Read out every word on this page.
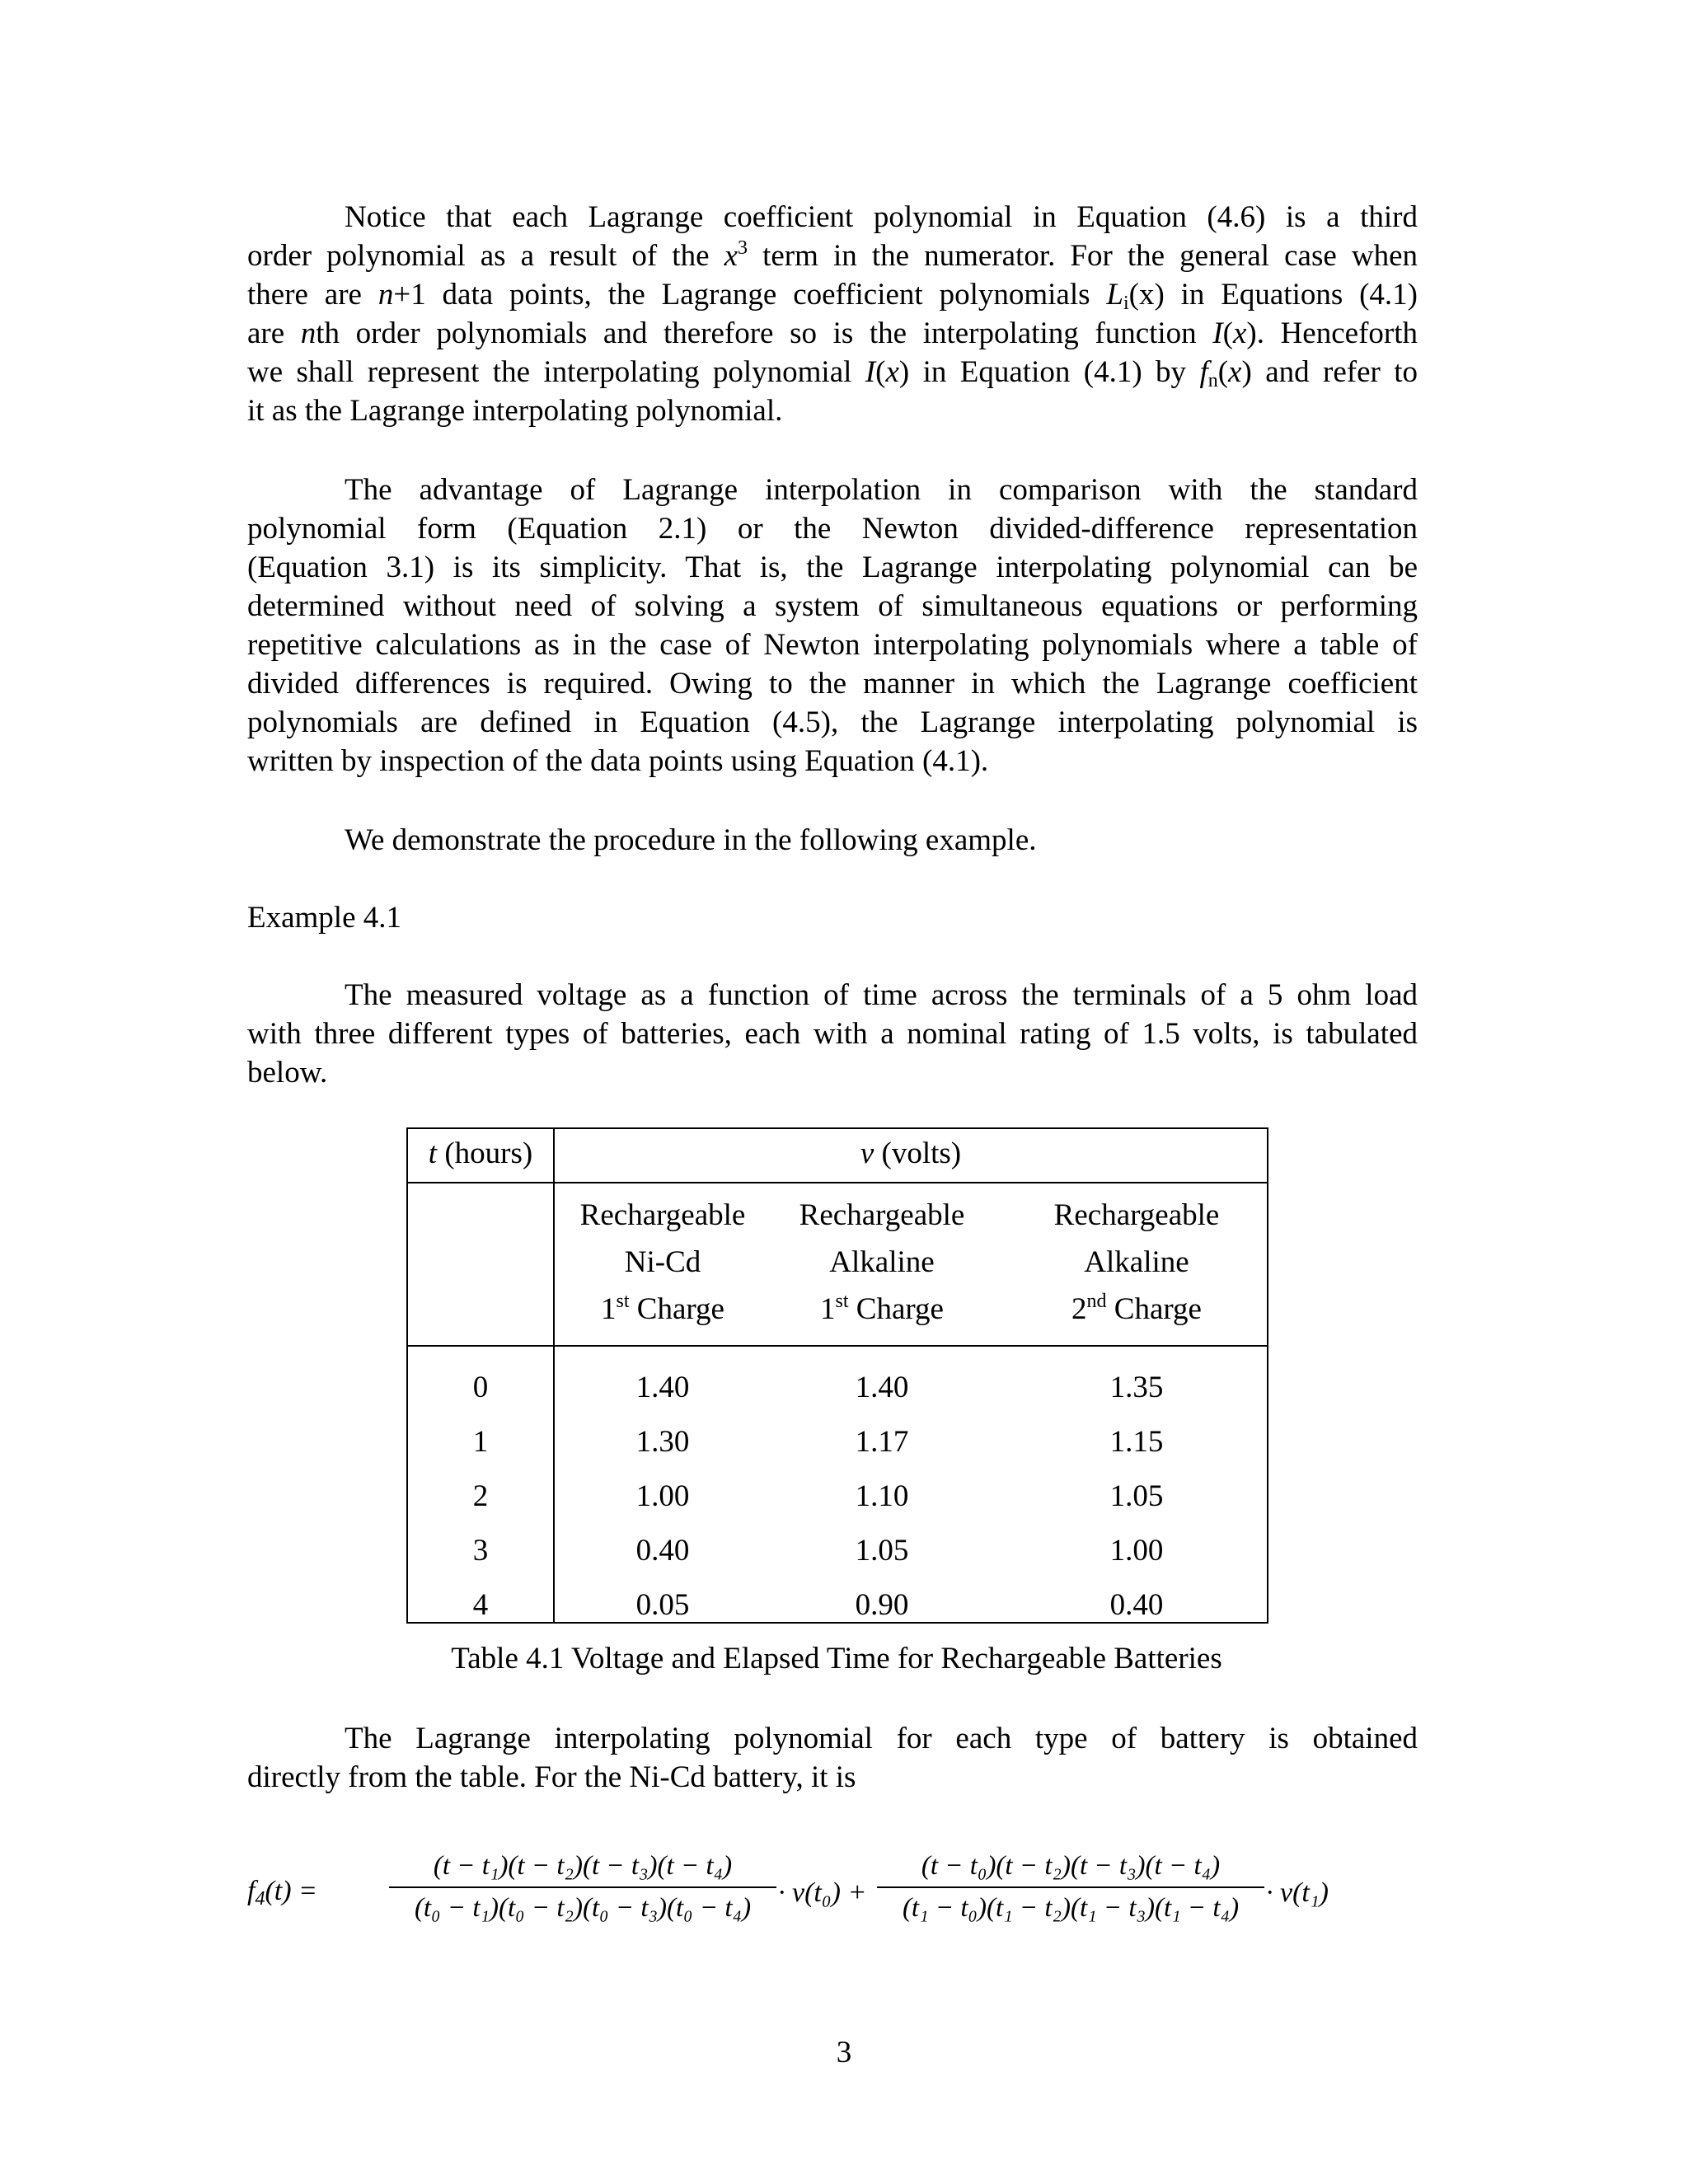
Notice that each Lagrange coefficient polynomial in Equation (4.6) is a third
order polynomial as a result of the $x^3$ term in the numerator. For the general case when
there are n+1 data points, the Lagrange coefficient polynomials $L_i(x)$ in Equations (4.1)
are nth order polynomials and therefore so is the interpolating function I(x). Henceforth
we shall represent the interpolating polynomial I(x) in Equation (4.1) by $f_n(x)$ and refer to
it as the Lagrange interpolating polynomial.
The advantage of Lagrange interpolation in comparison with the standard
polynomial form (Equation 2.1) or the Newton divided-difference representation
(Equation 3.1) is its simplicity. That is, the Lagrange interpolating polynomial can be
determined without need of solving a system of simultaneous equations or performing
repetitive calculations as in the case of Newton interpolating polynomials where a table of
divided differences is required. Owing to the manner in which the Lagrange coefficient
polynomials are defined in Equation (4.5), the Lagrange interpolating polynomial is
written by inspection of the data points using Equation (4.1).
We demonstrate the procedure in the following example.
Example 4.1
The measured voltage as a function of time across the terminals of a 5 ohm load
with three different types of batteries, each with a nominal rating of 1.5 volts, is tabulated
below.
t (hours)	v (volts)
Rechargeable
Ni-Cd
1st Charge
Rechargeable
Alkaline
1st Charge
Rechargeable
Alkaline
2nd Charge
0
1
2
3
4
1.40
1.30
1.00
0.40
0.05
1.40
1.17
1.10
1.05
0.90
1.35
1.15
1.05
1.00
0.40
Table 4.1 Voltage and Elapsed Time for Rechargeable Batteries
The Lagrange interpolating polynomial for each type of battery is obtained
directly from the table. For the Ni-Cd battery, it is
$f_4(t)$ =
(t − t₁)(t − t₂)(t − t₃)(t − t₄)
(t₀ − t₁)(t₀ − t₂)(t₀ − t₃)(t₀ − t₄) · v(t₀) +
(t − t₀)(t − t₂)(t − t₃)(t − t₄)
(t₁ − t₀)(t₁ − t₂)(t₁ − t₃)(t₁ − t₄) · v(t₁)
3
